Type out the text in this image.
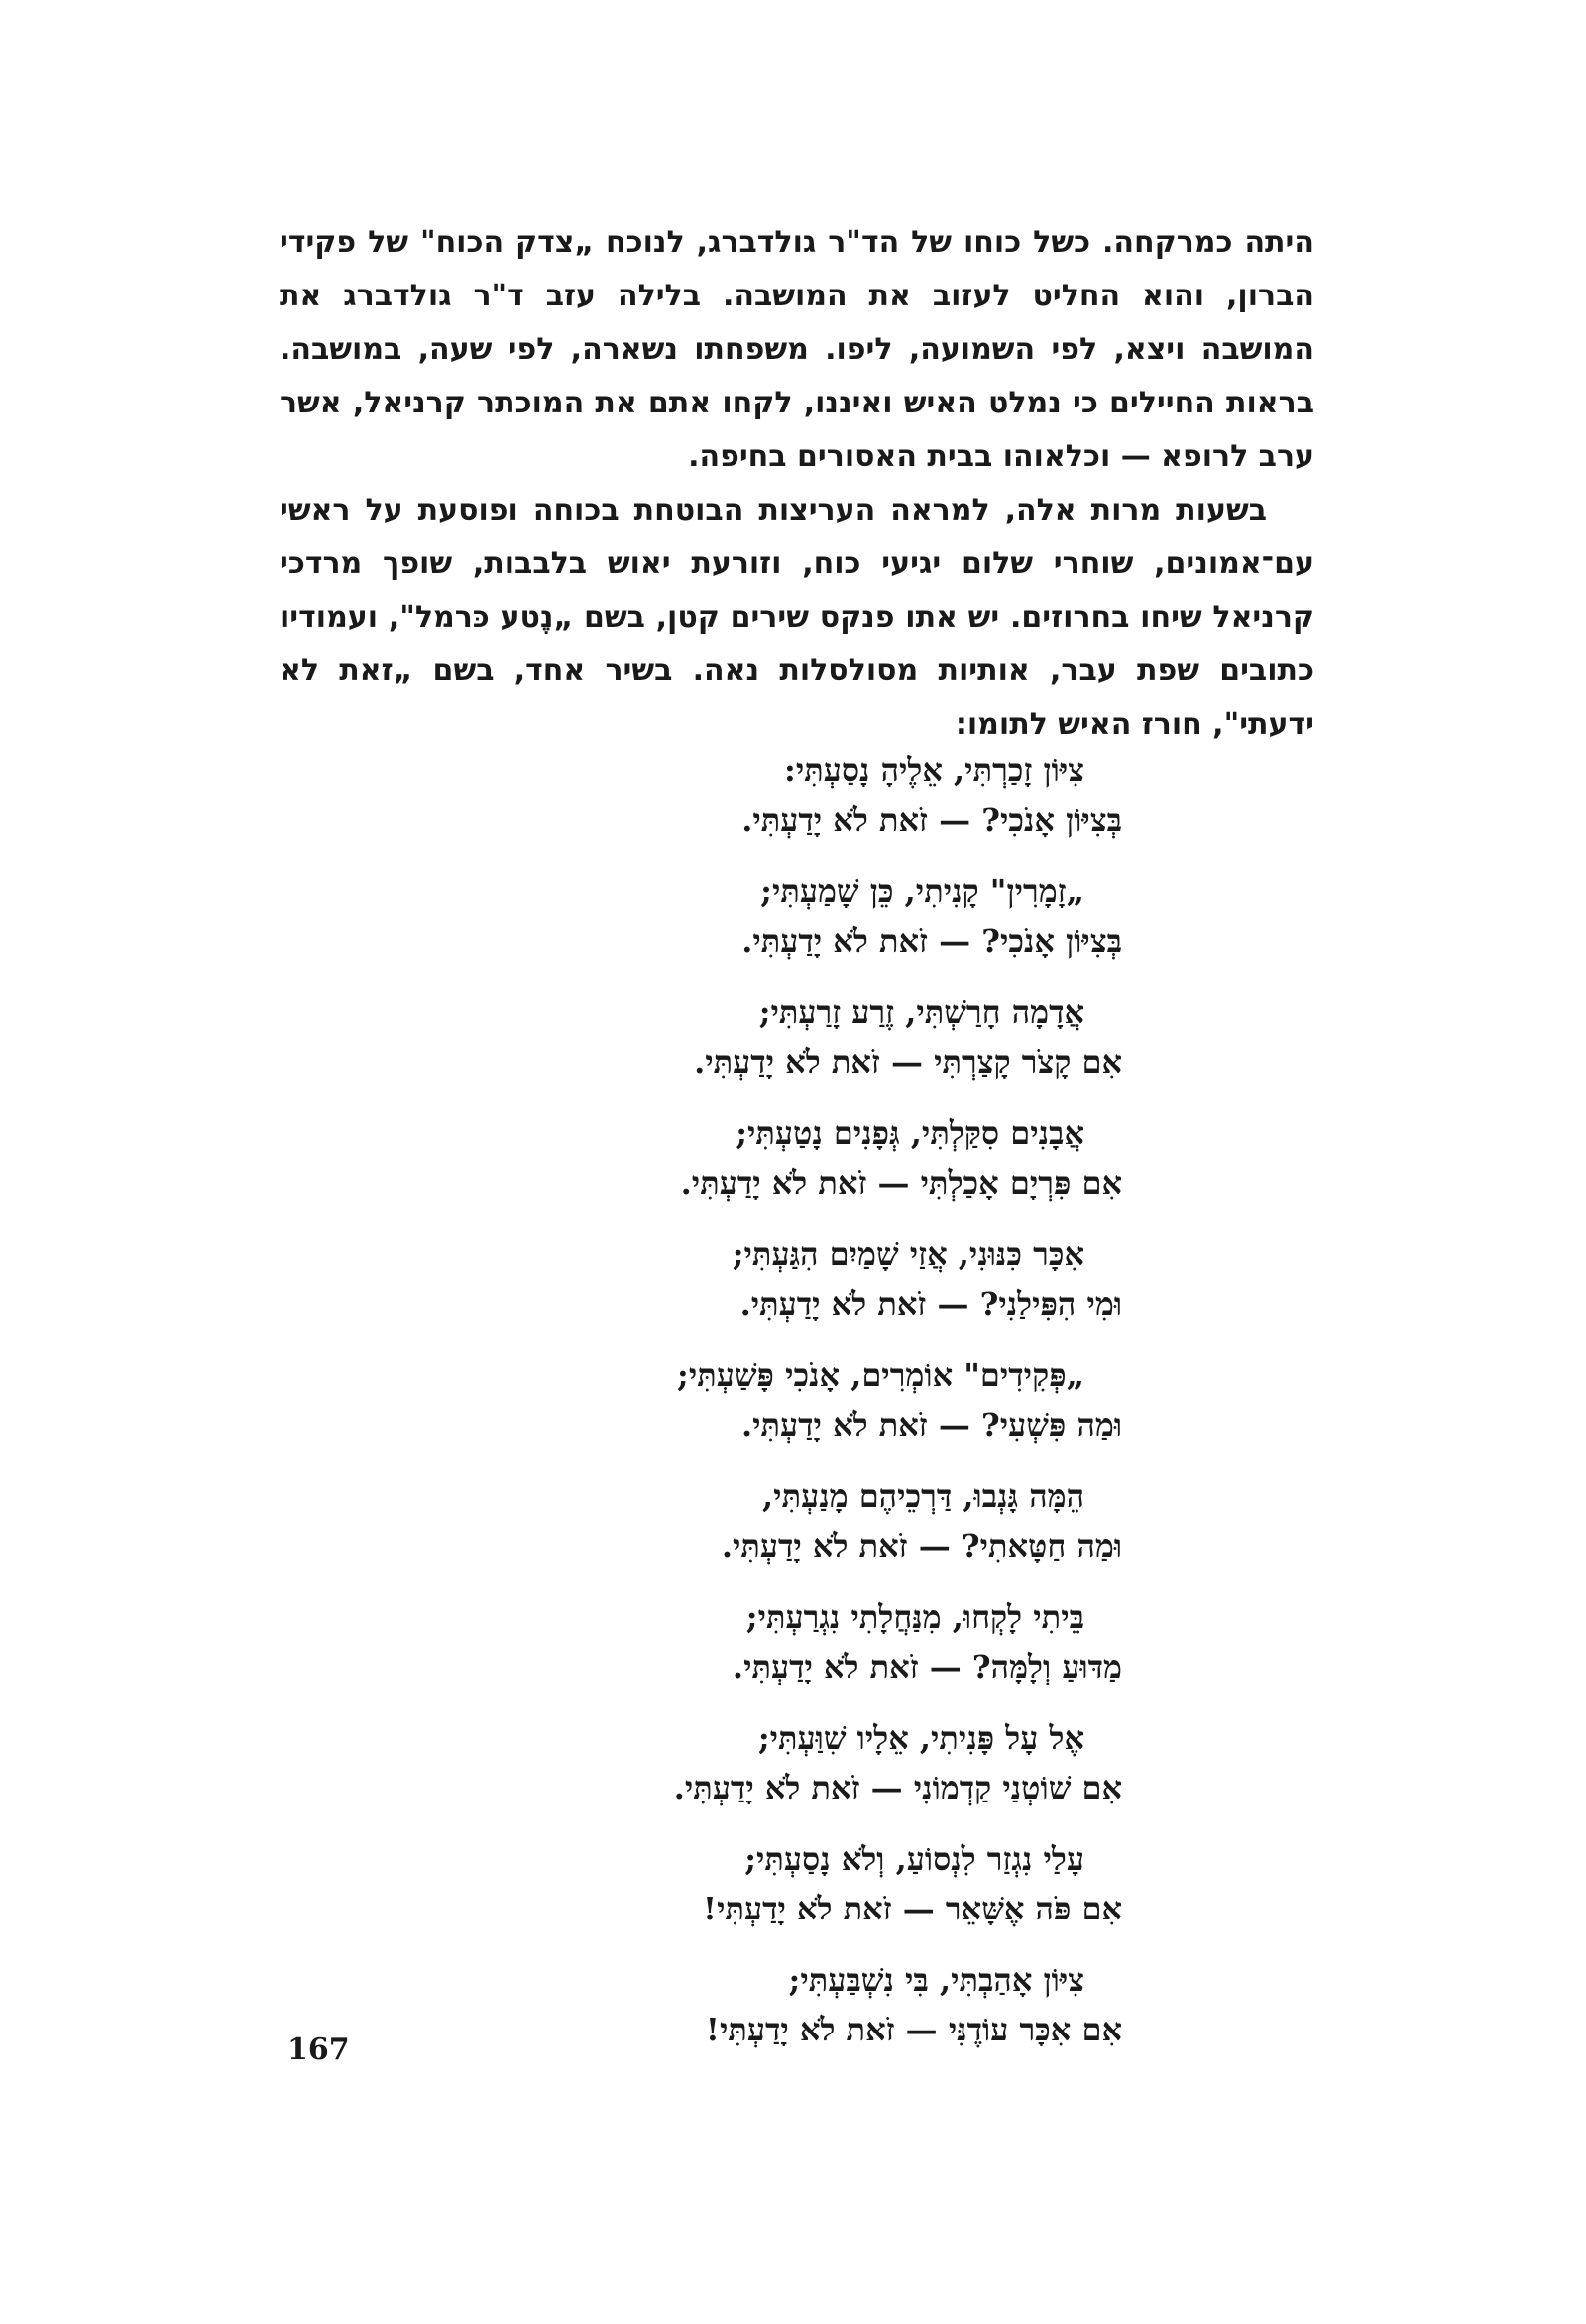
היתה כמרקחה. כשל כוחו של הד"ר גולדברג, לנוכח „צדק הכוח" של פקידי הברון, והוא החליט לעזוב את המושבה. בלילה עזב ד"ר גולדברג את המושבה ויצא, לפי השמועה, ליפו. משפחתו נשארה, לפי שעה, במושבה. בראות החיילים כי נמלט האיש ואיננו, לקחו אתם את המוכתר קרניאל, אשר ערב לרופא — וכלאוהו בבית האסורים בחיפה.

בשעות מרות אלה, למראה העריצות הבוטחת בכוחה ופוסעת על ראשי עם־אמונים, שוחרי שלום יגיעי כוח, וזורעת יאוש בלבבות, שופך מרדכי קרניאל שיחו בחרוזים. יש אתו פנקס שירים קטן, בשם „נֶטע כּרמל", ועמודיו כתובים שפת עבר, אותיות מסולסלות נאה. בשיר אחד, בשם „זאת לא ידעתי", חורז האיש לתומו:

צִיּוֹן זָכַרְתִּי, אֵלֶיהָ נָסַעְתִּי:
בְּצִיּוֹן אָנֹכִי? — זֹאת לֹא יָדַעְתִּי.
„זָמָרִין" קָנִיתִי, כֵּן שָׁמַעְתִּי;
בְּצִיּוֹן אָנֹכִי? — זֹאת לֹא יָדַעְתִּי.
אֲדָמָה חָרַשְׁתִּי, זֶרַע זָרַעְתִּי;
אִם קָצֹר קָצַרְתִּי — זֹאת לֹא יָדַעְתִּי.
אֲבָנִים סִקַּלְתִּי, גְּפָנִים נָטַעְתִּי;
אִם פִּרְיָם אָכַלְתִּי — זֹאת לֹא יָדַעְתִּי.
אִכָּר כִּנּוּנִי, אֲזַי שָׁמַיִם הִגַּעְתִּי;
וּמִי הִפִּילַנִי? — זֹאת לֹא יָדַעְתִּי.
„פְּקִידִים" אוֹמְרִים, אָנֹכִי פָּשַׁעְתִּי;
וּמַה פִּשְׁעִי? — זֹאת לֹא יָדַעְתִּי.
הֵמָּה גָּנְבוּ, דַּרְכֵיהֶם מָנַעְתִּי,
וּמַה חַטָּאתִי? — זֹאת לֹא יָדַעְתִּי.
בֵּיתִי לָקְחוּ, מִנַּחֲלָתִי נִגְרַעְתִּי;
מַדּוּעַ וְלָמָּה? — זֹאת לֹא יָדַעְתִּי.
אֶל עָל פָּנִיתִי, אֵלָיו שִׁוַּעְתִּי;
אִם שׁוֹטְנַי קַדְמוֹנִי — זֹאת לֹא יָדַעְתִּי.
עָלַי נִגְזַר לִנְסוֹעַ, וְלֹא נָסַעְתִּי;
אִם פֹּה אֶשָּׁאֵר — זֹאת לֹא יָדַעְתִּי!
צִיּוֹן אָהַבְתִּי, בִּי נִשְׁבַּעְתִּי;
אִם אִכָּר עוֹדֶנִּי — זֹאת לֹא יָדַעְתִּי!
167
